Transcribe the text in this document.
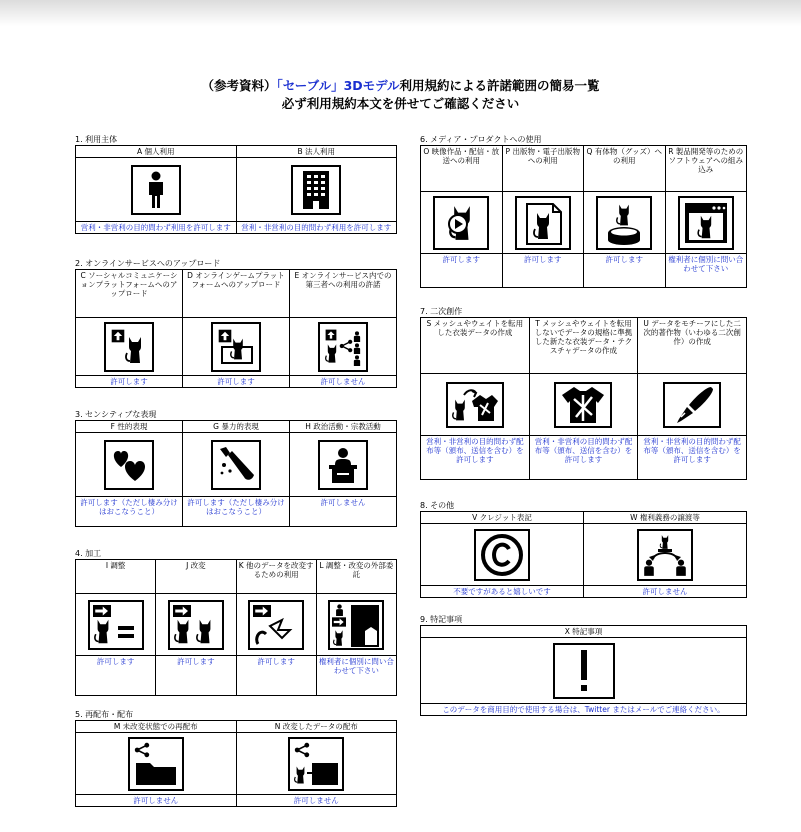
（参考資料）「セーブル」3Dモデル利用規約による許諾範囲の簡易一覧
必ず利用規約本文を併せてご確認ください
1. 利用主体
A 個人利用	B 法人利用

営利・非営利の目的問わず利用を許可します	営利・非営利の目的問わず利用を許可します
2. オンラインサービスへのアップロード
C ソーシャルコミュニケーションプラットフォームへのアップロード	D オンラインゲームプラットフォームへのアップロード	E オンラインサービス内での第三者への利用の許諾

許可します	許可します	許可しません
3. センシティブな表現
F 性的表現	G 暴力的表現	H 政治活動・宗教活動

許可します（ただし棲み分けはおこなうこと）	許可します（ただし棲み分けはおこなうこと）	許可しません
4. 加工
I 調整	J 改変	K 他のデータを改変するための利用	L 調整・改変の外部委託

許可します	許可します	許可します	権利者に個別に問い合わせて下さい
5. 再配布・配布
M 未改変状態での再配布	N 改変したデータの配布

許可しません	許可しません
6. メディア・プロダクトへの使用
O 映像作品・配信・放送への利用	P 出版物・電子出版物への利用	Q 有体物（グッズ）への利用	R 製品開発等のためのソフトウェアへの組み込み

許可します	許可します	許可します	権利者に個別に問い合わせて下さい
7. 二次創作
S メッシュやウェイトを転用した衣装データの作成	T メッシュやウェイトを転用しないでデータの規格に準拠した新たな衣装データ・テクスチャデータの作成	U データをモチーフにした二次的著作物（いわゆる二次創作）の作成

営利・非営利の目的問わず配布等（頒布、送信を含む）を許可します	営利・非営利の目的問わず配布等（頒布、送信を含む）を許可します	営利・非営利の目的問わず配布等（頒布、送信を含む）を許可します
8. その他
V クレジット表記	W 権利義務の譲渡等

不要ですがあると嬉しいです	許可しません
9. 特記事項
X 特記事項

このデータを商用目的で使用する場合は、Twitter またはメールでご連絡ください。
